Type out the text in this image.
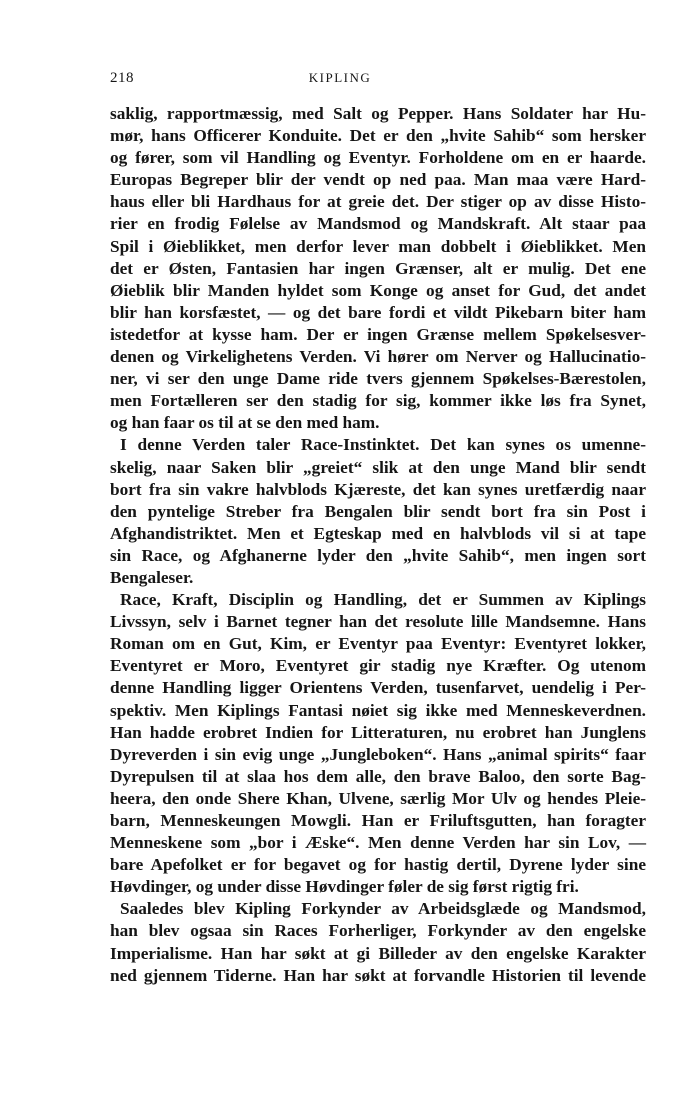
218	KIPLING
saklig, rapportmæssig, med Salt og Pepper. Hans Soldater har Hu-
mør, hans Officerer Konduite. Det er den „hvite Sahib“ som hersker
og fører, som vil Handling og Eventyr. Forholdene om en er haarde.
Europas Begreper blir der vendt op ned paa. Man maa være Hard-
haus eller bli Hardhaus for at greie det. Der stiger op av disse Histo-
rier en frodig Følelse av Mandsmod og Mandskraft. Alt staar paa
Spil i Øieblikket, men derfor lever man dobbelt i Øieblikket. Men
det er Østen, Fantasien har ingen Grænser, alt er mulig. Det ene
Øieblik blir Manden hyldet som Konge og anset for Gud, det andet
blir han korsfæstet, — og det bare fordi et vildt Pikebarn biter ham
istedetfor at kysse ham. Der er ingen Grænse mellem Spøkelsesver-
denen og Virkelighetens Verden. Vi hører om Nerver og Hallucinatio-
ner, vi ser den unge Dame ride tvers gjennem Spøkelses-Bærestolen,
men Fortælleren ser den stadig for sig, kommer ikke løs fra Synet,
og han faar os til at se den med ham.
I denne Verden taler Race-Instinktet. Det kan synes os umenne-
skelig, naar Saken blir „greiet“ slik at den unge Mand blir sendt
bort fra sin vakre halvblods Kjæreste, det kan synes uretfærdig naar
den pyntelige Streber fra Bengalen blir sendt bort fra sin Post i
Afghandistriktet. Men et Egteskap med en halvblods vil si at tape
sin Race, og Afghanerne lyder den „hvite Sahib“, men ingen sort
Bengaleser.
Race, Kraft, Disciplin og Handling, det er Summen av Kiplings
Livssyn, selv i Barnet tegner han det resolute lille Mandsemne. Hans
Roman om en Gut, Kim, er Eventyr paa Eventyr: Eventyret lokker,
Eventyret er Moro, Eventyret gir stadig nye Kræfter. Og utenom
denne Handling ligger Orientens Verden, tusenfarvet, uendelig i Per-
spektiv. Men Kiplings Fantasi nøiet sig ikke med Menneskeverdnen.
Han hadde erobret Indien for Litteraturen, nu erobret han Junglens
Dyreverden i sin evig unge „Jungleboken“. Hans „animal spirits“ faar
Dyrepulsen til at slaa hos dem alle, den brave Baloo, den sorte Bag-
heera, den onde Shere Khan, Ulvene, særlig Mor Ulv og hendes Pleie-
barn, Menneskeungen Mowgli. Han er Friluftsgutten, han foragter
Menneskene som „bor i Æske“. Men denne Verden har sin Lov, —
bare Apefolket er for begavet og for hastig dertil, Dyrene lyder sine
Høvdinger, og under disse Høvdinger føler de sig først rigtig fri.
Saaledes blev Kipling Forkynder av Arbeidsglæde og Mandsmod,
han blev ogsaa sin Races Forherliger, Forkynder av den engelske
Imperialisme. Han har søkt at gi Billeder av den engelske Karakter
ned gjennem Tiderne. Han har søkt at forvandle Historien til levende
